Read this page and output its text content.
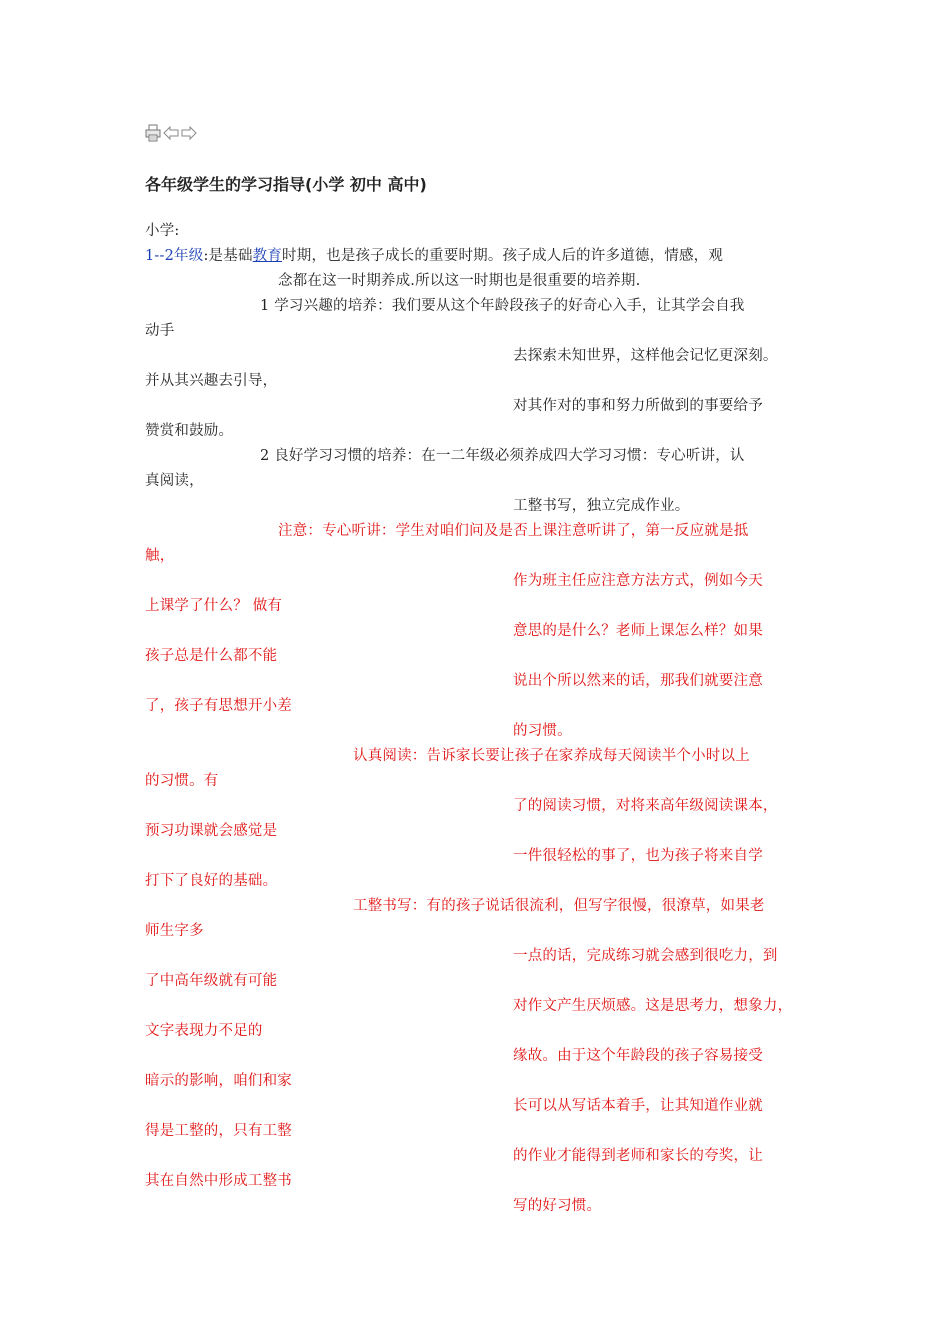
各年级学生的学习指导(小学 初中 高中)
小学:
1--2年级:是基础教育时期，也是孩子成长的重要时期。孩子成人后的许多道德，情感，观
念都在这一时期养成.所以这一时期也是很重要的培养期.
1 学习兴趣的培养：我们要从这个年龄段孩子的好奇心入手，让其学会自我
动手
去探索未知世界，这样他会记忆更深刻。
并从其兴趣去引导，
对其作对的事和努力所做到的事要给予
赞赏和鼓励。
2 良好学习习惯的培养：在一二年级必须养成四大学习习惯：专心听讲，认
真阅读，
工整书写，独立完成作业。
注意：专心听讲：学生对咱们问及是否上课注意听讲了，第一反应就是抵
触，
作为班主任应注意方法方式，例如今天
上课学了什么？ 做有
意思的是什么？老师上课怎么样？如果
孩子总是什么都不能
说出个所以然来的话，那我们就要注意
了，孩子有思想开小差
的习惯。
认真阅读：告诉家长要让孩子在家养成每天阅读半个小时以上
的习惯。有
了的阅读习惯，对将来高年级阅读课本，
预习功课就会感觉是
一件很轻松的事了，也为孩子将来自学
打下了良好的基础。
工整书写：有的孩子说话很流利，但写字很慢，很潦草，如果老
师生字多
一点的话，完成练习就会感到很吃力，到
了中高年级就有可能
对作文产生厌烦感。这是思考力，想象力，
文字表现力不足的
缘故。由于这个年龄段的孩子容易接受
暗示的影响，咱们和家
长可以从写话本着手，让其知道作业就
得是工整的，只有工整
的作业才能得到老师和家长的夸奖，让
其在自然中形成工整书
写的好习惯。
